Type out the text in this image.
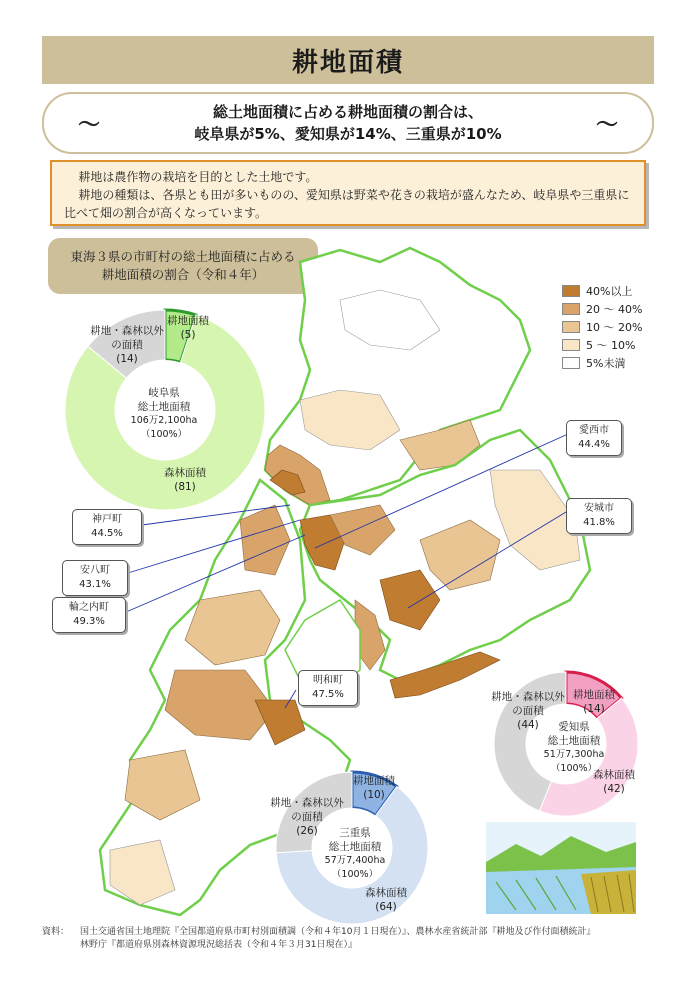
耕地面積
～
総土地面積に占める耕地面積の割合は、
岐阜県が5%、愛知県が14%、三重県が10%	～

耕地は農作物の栽培を目的とした土地です。

耕地の種類は、各県とも田が多いものの、愛知県は野菜や花きの栽培が盛んなため、岐阜県や三重県に比べて畑の割合が高くなっています。

東海３県の市町村の総土地面積に占める
耕地面積の割合（令和４年）
40%以上
20 ～ 40%
10 ～ 20%
5 ～ 10%
5%未満
愛西市
44.4%
安城市
41.8%
神戸町
44.5%
安八町
43.1%
輪之内町
49.3%
明和町
47.5%
岐阜県
総土地面積
106万2,100ha
（100%）
耕地面積
(5)
森林面積
(81)
耕地・森林以外
の面積
(14)
愛知県
総土地面積
51万7,300ha
（100%）
耕地面積
(14)
森林面積
(42)
耕地・森林以外
の面積
(44)
三重県
総土地面積
57万7,400ha
（100%）
耕地面積
(10)
森林面積
(64)
耕地・森林以外
の面積
(26)
資料： 国土交通省国土地理院『全国都道府県市町村別面積調（令和４年10月１日現在）』、農林水産省統計部『耕地及び作付面積統計』
林野庁『都道府県別森林資源現況総括表（令和４年３月31日現在）』
